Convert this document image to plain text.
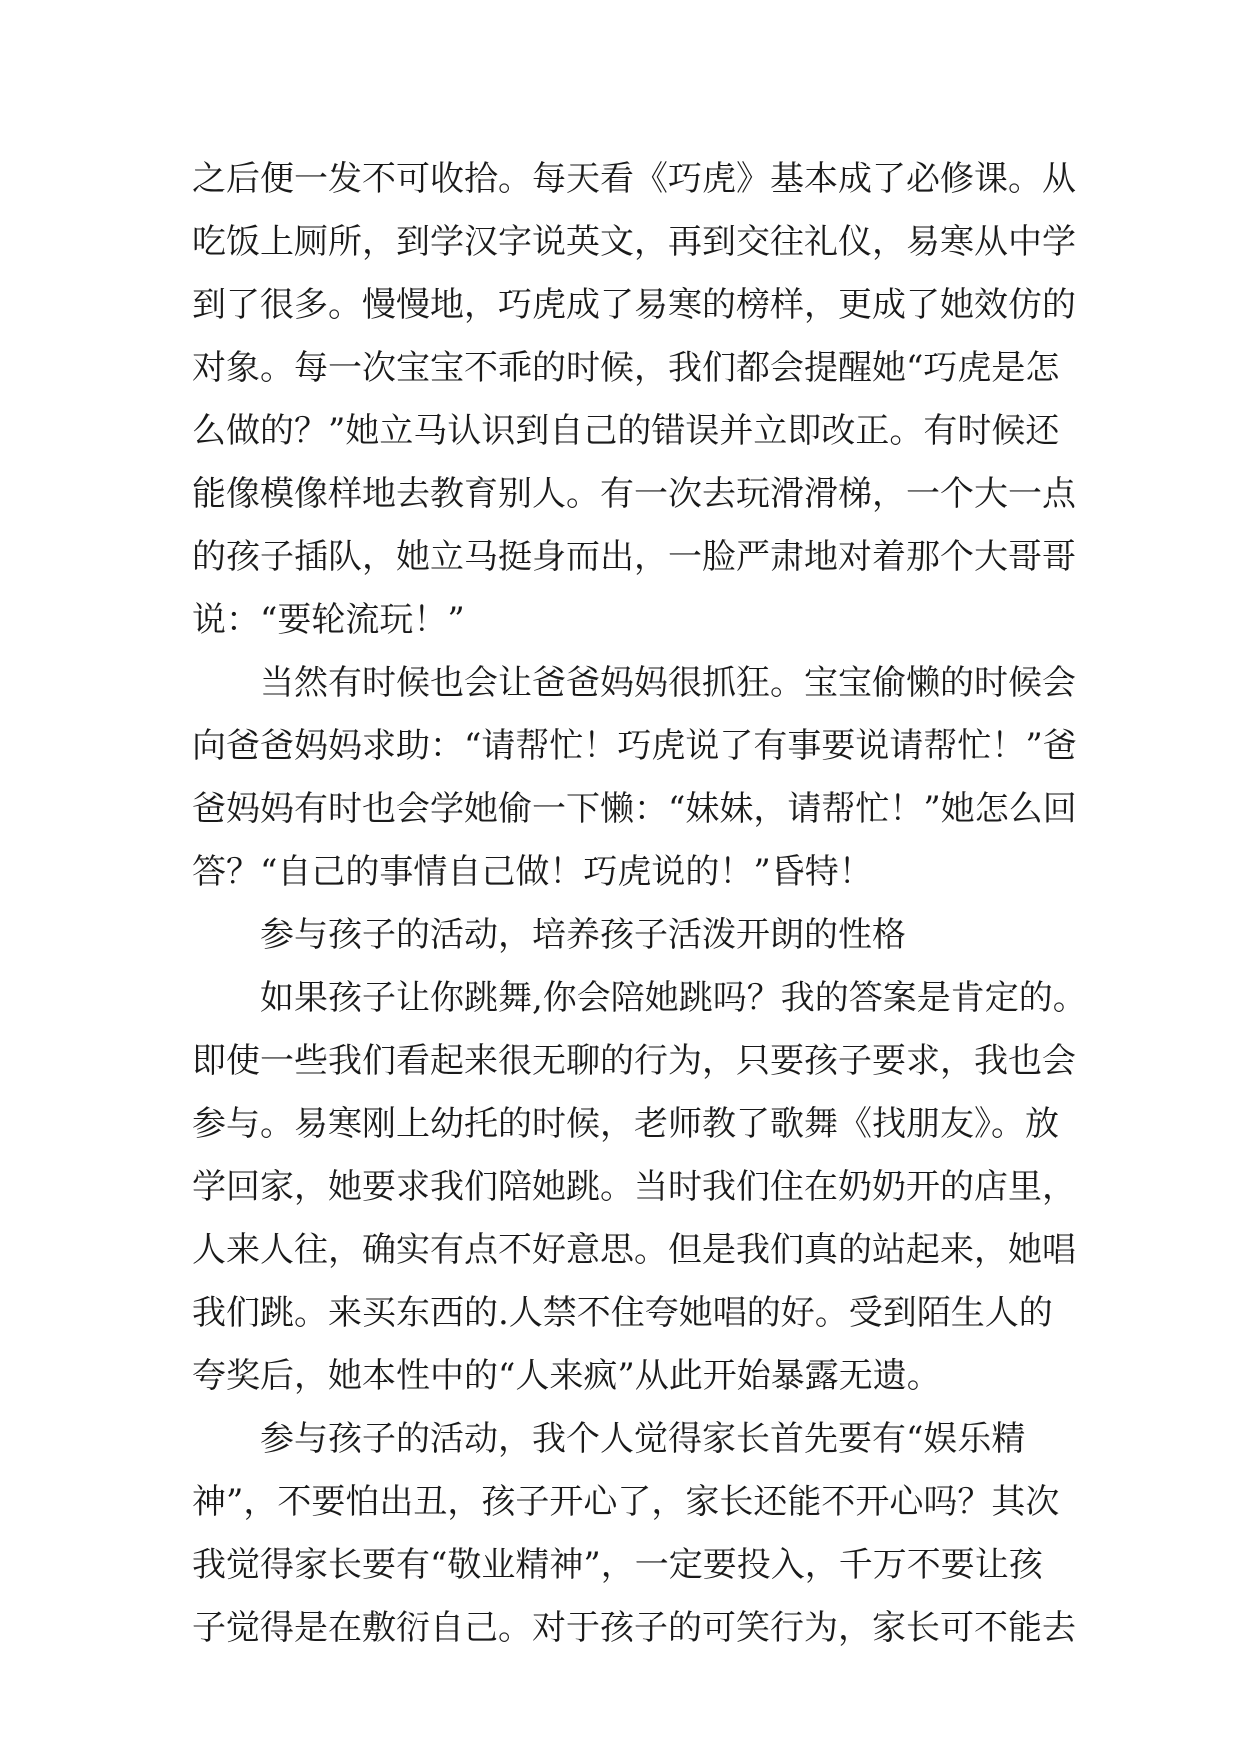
之后便一发不可收拾。每天看《巧虎》基本成了必修课。从
吃饭上厕所，到学汉字说英文，再到交往礼仪，易寒从中学
到了很多。慢慢地，巧虎成了易寒的榜样，更成了她效仿的
对象。每一次宝宝不乖的时候，我们都会提醒她“巧虎是怎
么做的？”她立马认识到自己的错误并立即改正。有时候还
能像模像样地去教育别人。有一次去玩滑滑梯，一个大一点
的孩子插队，她立马挺身而出，一脸严肃地对着那个大哥哥
说：“要轮流玩！”
当然有时候也会让爸爸妈妈很抓狂。宝宝偷懒的时候会
向爸爸妈妈求助：“请帮忙！巧虎说了有事要说请帮忙！”爸
爸妈妈有时也会学她偷一下懒：“妹妹，请帮忙！”她怎么回
答？“自己的事情自己做！巧虎说的！”昏特！
参与孩子的活动，培养孩子活泼开朗的性格
如果孩子让你跳舞,你会陪她跳吗？我的答案是肯定的。
即使一些我们看起来很无聊的行为，只要孩子要求，我也会
参与。易寒刚上幼托的时候，老师教了歌舞《找朋友》。放
学回家，她要求我们陪她跳。当时我们住在奶奶开的店里，
人来人往，确实有点不好意思。但是我们真的站起来，她唱
我们跳。来买东西的.人禁不住夸她唱的好。受到陌生人的
夸奖后，她本性中的“人来疯”从此开始暴露无遗。
参与孩子的活动，我个人觉得家长首先要有“娱乐精
神”，不要怕出丑，孩子开心了，家长还能不开心吗？其次
我觉得家长要有“敬业精神”，一定要投入，千万不要让孩
子觉得是在敷衍自己。对于孩子的可笑行为，家长可不能去
